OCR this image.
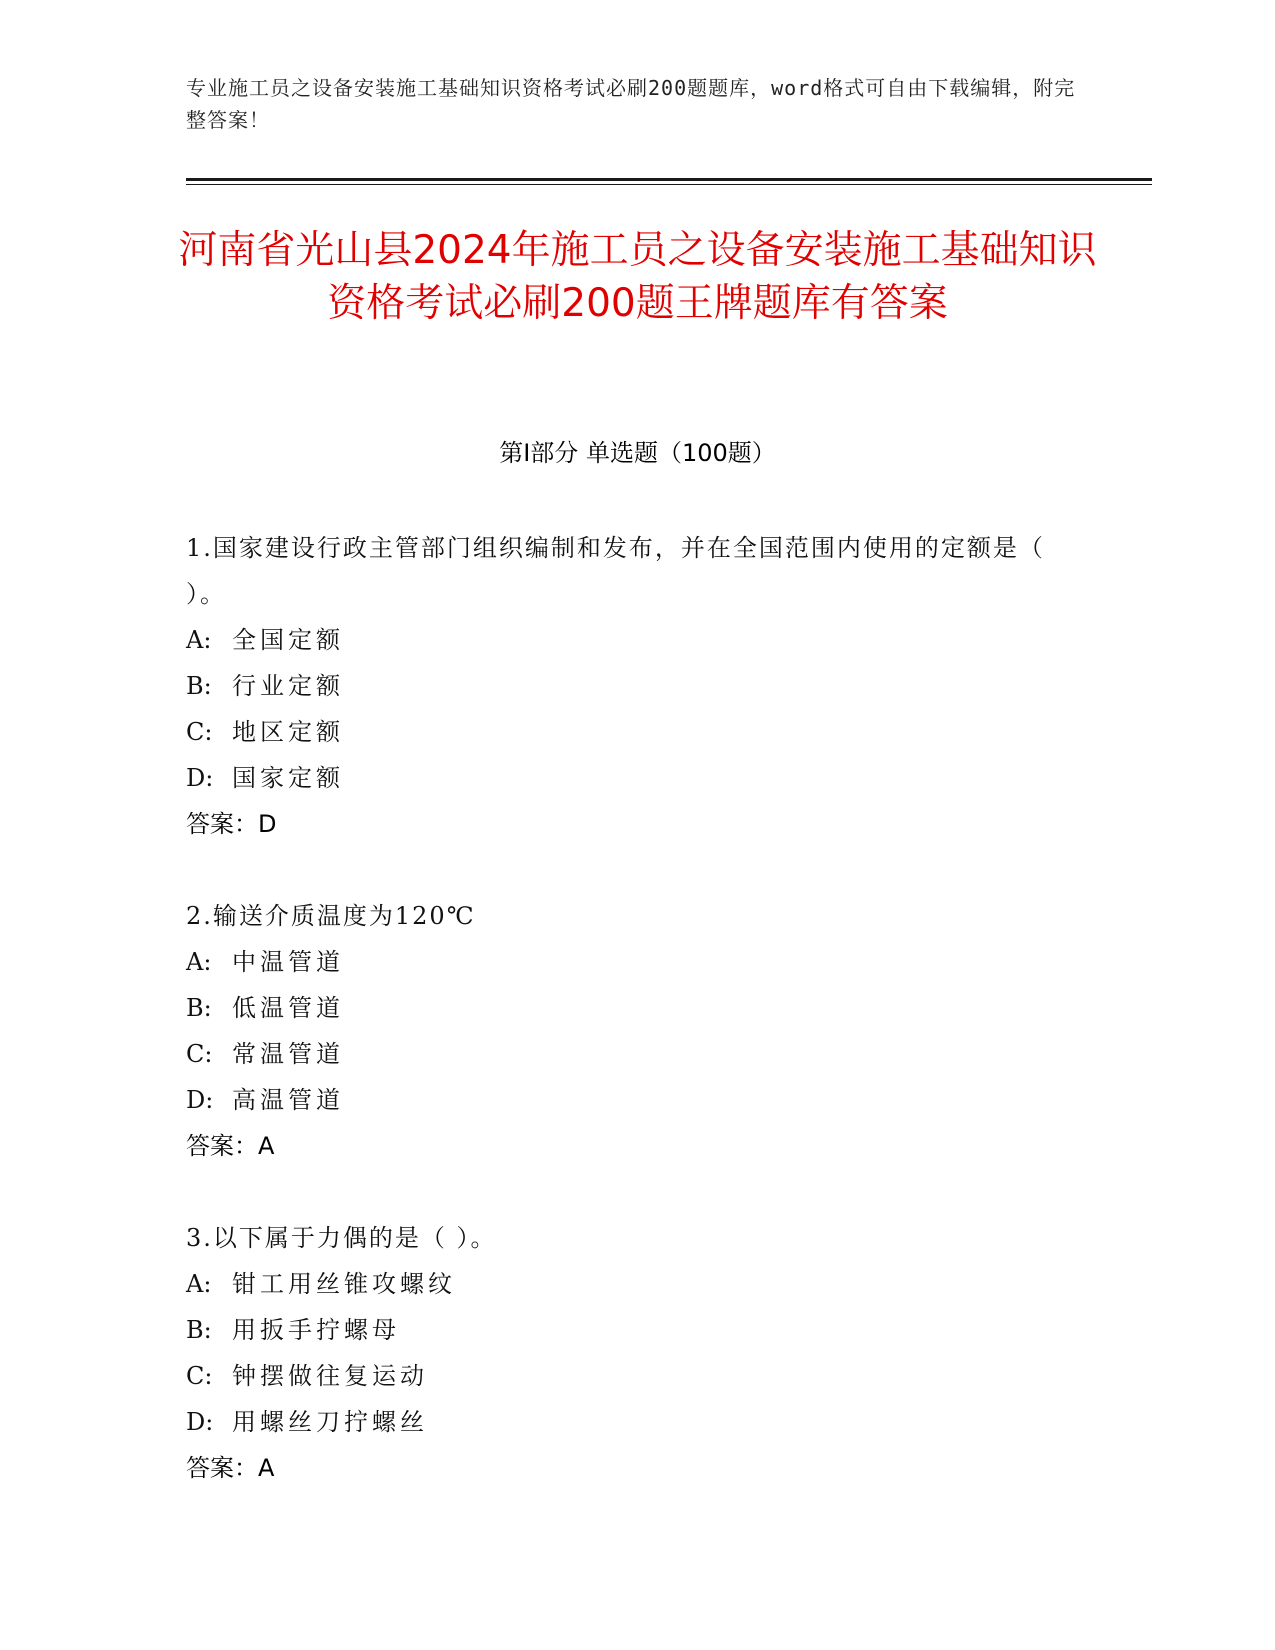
专业施工员之设备安装施工基础知识资格考试必刷200题题库，word格式可自由下载编辑，附完整答案！
河南省光山县2024年施工员之设备安装施工基础知识资格考试必刷200题王牌题库有答案
第I部分 单选题（100题）
1.国家建设行政主管部门组织编制和发布，并在全国范围内使用的定额是（ ）。
A: 全国定额
B: 行业定额
C: 地区定额
D: 国家定额
答案：D
2.输送介质温度为120℃
A: 中温管道
B: 低温管道
C: 常温管道
D: 高温管道
答案：A
3.以下属于力偶的是（ ）。
A: 钳工用丝锥攻螺纹
B: 用扳手拧螺母
C: 钟摆做往复运动
D: 用螺丝刀拧螺丝
答案：A
